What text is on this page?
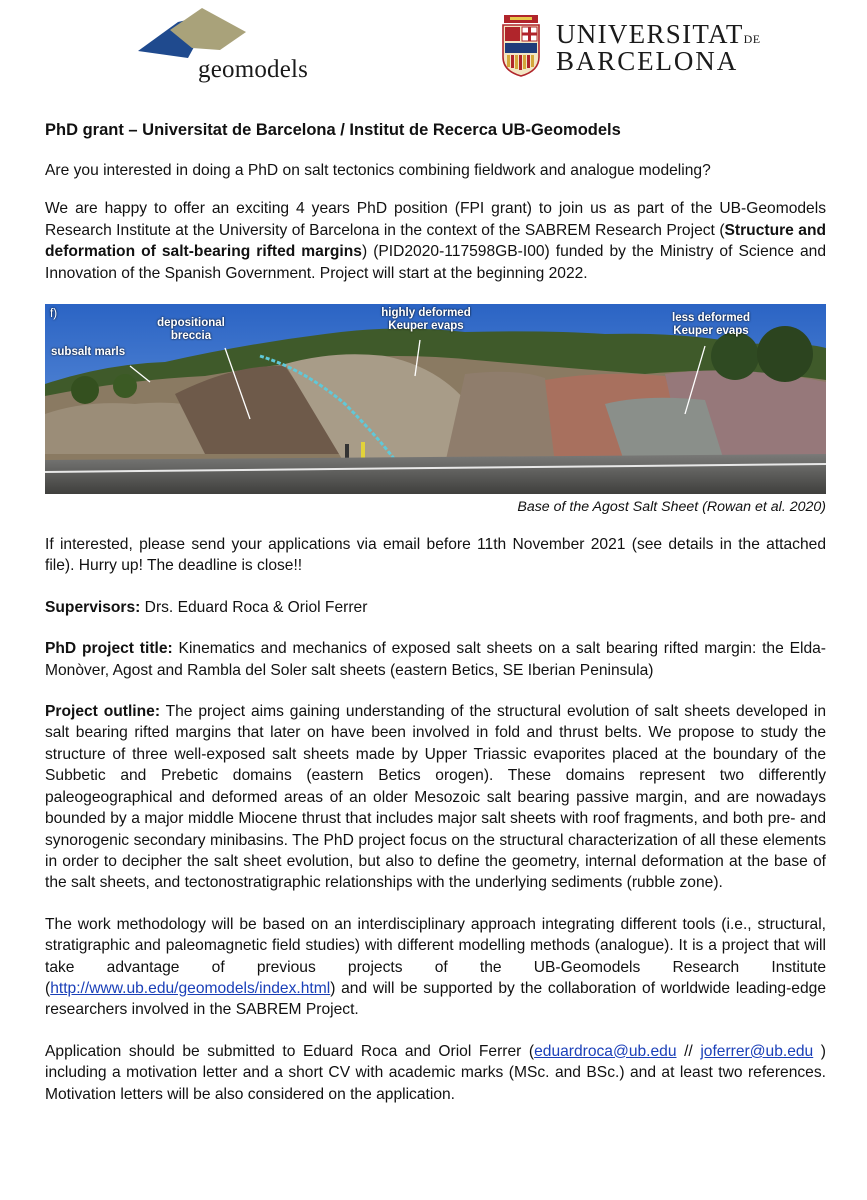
geomodels
UNIVERSITATDE
BARCELONA
PhD grant – Universitat de Barcelona / Institut de Recerca UB-Geomodels

Are you interested in doing a PhD on salt tectonics combining fieldwork and analogue modeling?

We are happy to offer an exciting 4 years PhD position (FPI grant) to join us as part of the UB-Geomodels Research Institute at the University of Barcelona in the context of the SABREM Research Project (Structure and deformation of salt-bearing rifted margins) (PID2020-117598GB-I00) funded by the Ministry of Science and Innovation of the Spanish Government. Project will start at the beginning 2022.

f)
subsalt marls
depositional
breccia
highly deformed
Keuper evaps
less deformed
Keuper evaps
Base of the Agost Salt Sheet (Rowan et al. 2020)

If interested, please send your applications via email before 11th November 2021 (see details in the attached file). Hurry up! The deadline is close!!

Supervisors: Drs. Eduard Roca & Oriol Ferrer

PhD project title: Kinematics and mechanics of exposed salt sheets on a salt bearing rifted margin: the Elda-Monòver, Agost and Rambla del Soler salt sheets (eastern Betics, SE Iberian Peninsula)

Project outline: The project aims gaining understanding of the structural evolution of salt sheets developed in salt bearing rifted margins that later on have been involved in fold and thrust belts. We propose to study the structure of three well-exposed salt sheets made by Upper Triassic evaporites placed at the boundary of the Subbetic and Prebetic domains (eastern Betics orogen). These domains represent two differently paleogeographical and deformed areas of an older Mesozoic salt bearing passive margin, and are nowadays bounded by a major middle Miocene thrust that includes major salt sheets with roof fragments, and both pre- and synorogenic secondary minibasins. The PhD project focus on the structural characterization of all these elements in order to decipher the salt sheet evolution, but also to define the geometry, internal deformation at the base of the salt sheets, and tectonostratigraphic relationships with the underlying sediments (rubble zone).

The work methodology will be based on an interdisciplinary approach integrating different tools (i.e., structural, stratigraphic and paleomagnetic field studies) with different modelling methods (analogue). It is a project that will take advantage of previous projects of the UB-Geomodels Research Institute (http://www.ub.edu/geomodels/index.html) and will be supported by the collaboration of worldwide leading-edge researchers involved in the SABREM Project.

Application should be submitted to Eduard Roca and Oriol Ferrer (eduardroca@ub.edu // joferrer@ub.edu ) including a motivation letter and a short CV with academic marks (MSc. and BSc.) and at least two references. Motivation letters will be also considered on the application.
